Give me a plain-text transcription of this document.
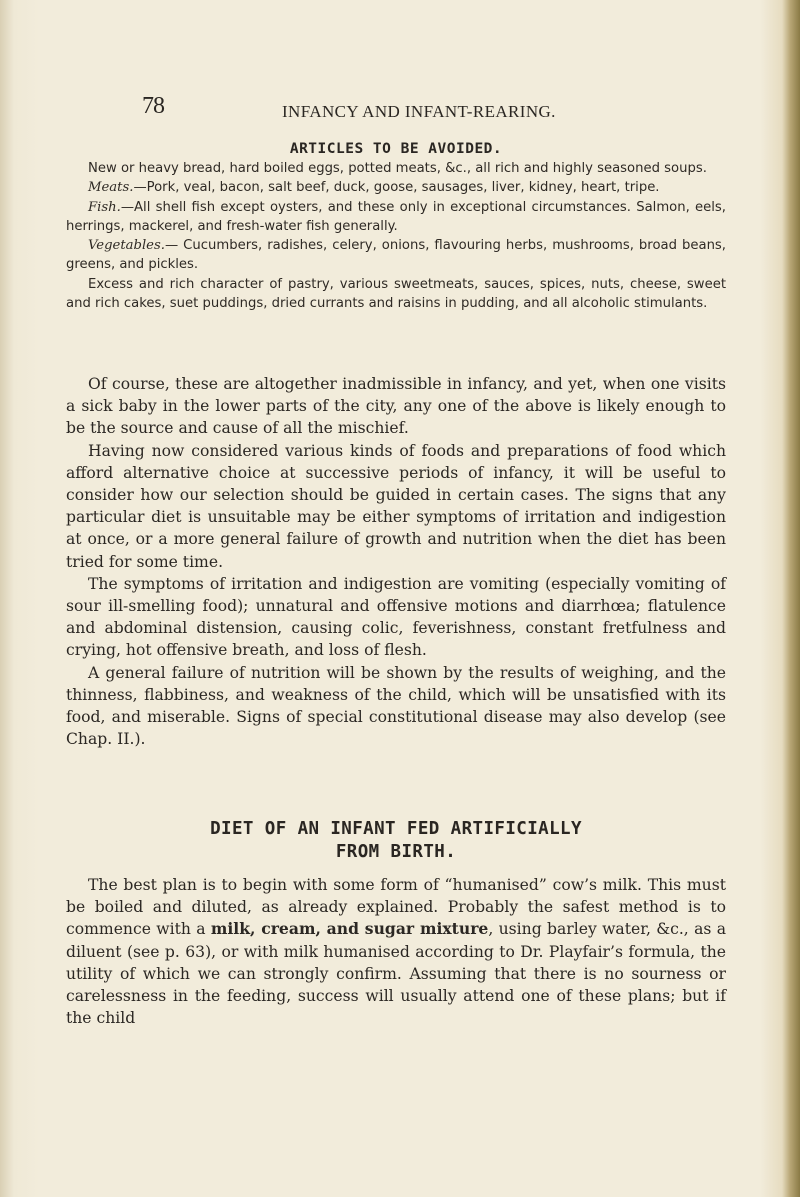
78	INFANCY AND INFANT-REARING.
ARTICLES TO BE AVOIDED.

New or heavy bread, hard boiled eggs, potted meats, &c., all rich and highly seasoned soups.

Meats.—Pork, veal, bacon, salt beef, duck, goose, sausages, liver, kidney, heart, tripe.

Fish.—All shell fish except oysters, and these only in exceptional circumstances. Salmon, eels, herrings, mackerel, and fresh-water fish generally.

Vegetables.— Cucumbers, radishes, celery, onions, flavouring herbs, mushrooms, broad beans, greens, and pickles.

Excess and rich character of pastry, various sweetmeats, sauces, spices, nuts, cheese, sweet and rich cakes, suet puddings, dried currants and raisins in pudding, and all alcoholic stimulants.

Of course, these are altogether inadmissible in infancy, and yet, when one visits a sick baby in the lower parts of the city, any one of the above is likely enough to be the source and cause of all the mischief.

Having now considered various kinds of foods and preparations of food which afford alternative choice at successive periods of infancy, it will be useful to consider how our selection should be guided in certain cases. The signs that any particular diet is unsuitable may be either symptoms of irritation and indigestion at once, or a more general failure of growth and nutrition when the diet has been tried for some time.

The symptoms of irritation and indigestion are vomiting (especially vomiting of sour ill-smelling food); unnatural and offensive motions and diarrhœa; flatulence and abdominal distension, causing colic, feverishness, constant fretfulness and crying, hot offensive breath, and loss of flesh.

A general failure of nutrition will be shown by the results of weighing, and the thinness, flabbiness, and weakness of the child, which will be unsatisfied with its food, and miserable. Signs of special constitutional disease may also develop (see Chap. II.).

DIET OF AN INFANT FED ARTIFICIALLY
FROM BIRTH.

The best plan is to begin with some form of “humanised” cow’s milk. This must be boiled and diluted, as already explained. Probably the safest method is to commence with a milk, cream, and sugar mixture, using barley water, &c., as a diluent (see p. 63), or with milk humanised according to Dr. Playfair’s formula, the utility of which we can strongly confirm. Assuming that there is no sourness or carelessness in the feeding, success will usually attend one of these plans; but if the child
